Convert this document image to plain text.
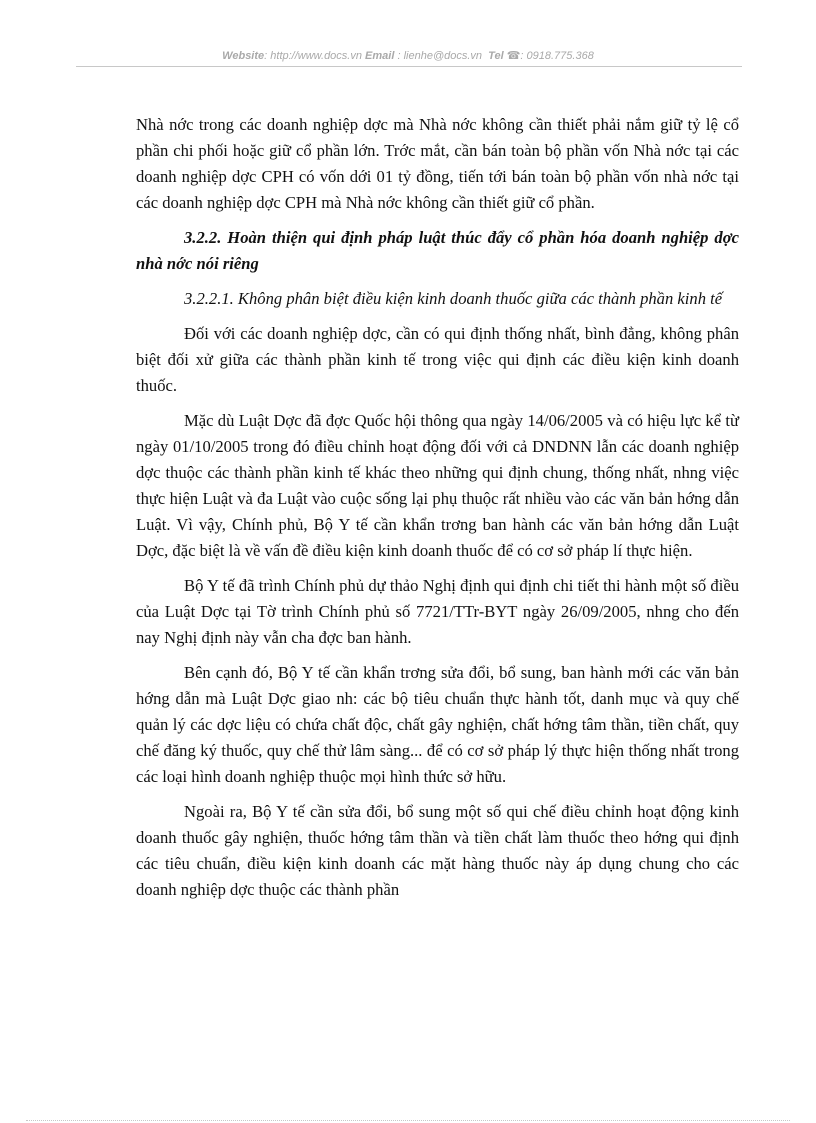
Website: http://www.docs.vn Email : lienhe@docs.vn Tel ☎: 0918.775.368

Nhà nớc trong các doanh nghiệp dợc mà Nhà nớc không cần thiết phải nắm giữ tỷ lệ cổ phần chi phối hoặc giữ cổ phần lớn. Trớc mắt, cần bán toàn bộ phần vốn Nhà nớc tại các doanh nghiệp dợc CPH có vốn dới 01 tỷ đồng, tiến tới bán toàn bộ phần vốn nhà nớc tại các doanh nghiệp dợc CPH mà Nhà nớc không cần thiết giữ cổ phần.

3.2.2. Hoàn thiện qui định pháp luật thúc đẩy cổ phần hóa doanh nghiệp dợc nhà nớc nói riêng

3.2.2.1. Không phân biệt điều kiện kinh doanh thuốc giữa các thành phần kinh tế

Đối với các doanh nghiệp dợc, cần có qui định thống nhất, bình đẳng, không phân biệt đối xử giữa các thành phần kinh tế trong việc qui định các điều kiện kinh doanh thuốc.

Mặc dù Luật Dợc đã đợc Quốc hội thông qua ngày 14/06/2005 và có hiệu lực kể từ ngày 01/10/2005 trong đó điều chỉnh hoạt động đối với cả DNDNN lẫn các doanh nghiệp dợc thuộc các thành phần kinh tế khác theo những qui định chung, thống nhất, nhng việc thực hiện Luật và đa Luật vào cuộc sống lại phụ thuộc rất nhiều vào các văn bản hớng dẫn Luật. Vì vậy, Chính phủ, Bộ Y tế cần khẩn trơng ban hành các văn bản hớng dẫn Luật Dợc, đặc biệt là về vấn đề điều kiện kinh doanh thuốc để có cơ sở pháp lí thực hiện.

Bộ Y tế đã trình Chính phủ dự thảo Nghị định qui định chi tiết thi hành một số điều của Luật Dợc tại Tờ trình Chính phủ số 7721/TTr-BYT ngày 26/09/2005, nhng cho đến nay Nghị định này vẫn cha đợc ban hành.

Bên cạnh đó, Bộ Y tế cần khẩn trơng sửa đổi, bổ sung, ban hành mới các văn bản hớng dẫn mà Luật Dợc giao nh: các bộ tiêu chuẩn thực hành tốt, danh mục và quy chế quản lý các dợc liệu có chứa chất độc, chất gây nghiện, chất hớng tâm thần, tiền chất, quy chế đăng ký thuốc, quy chế thử lâm sàng... để có cơ sở pháp lý thực hiện thống nhất trong các loại hình doanh nghiệp thuộc mọi hình thức sở hữu.

Ngoài ra, Bộ Y tế cần sửa đổi, bổ sung một số qui chế điều chỉnh hoạt động kinh doanh thuốc gây nghiện, thuốc hớng tâm thần và tiền chất làm thuốc theo hớng qui định các tiêu chuẩn, điều kiện kinh doanh các mặt hàng thuốc này áp dụng chung cho các doanh nghiệp dợc thuộc các thành phần
